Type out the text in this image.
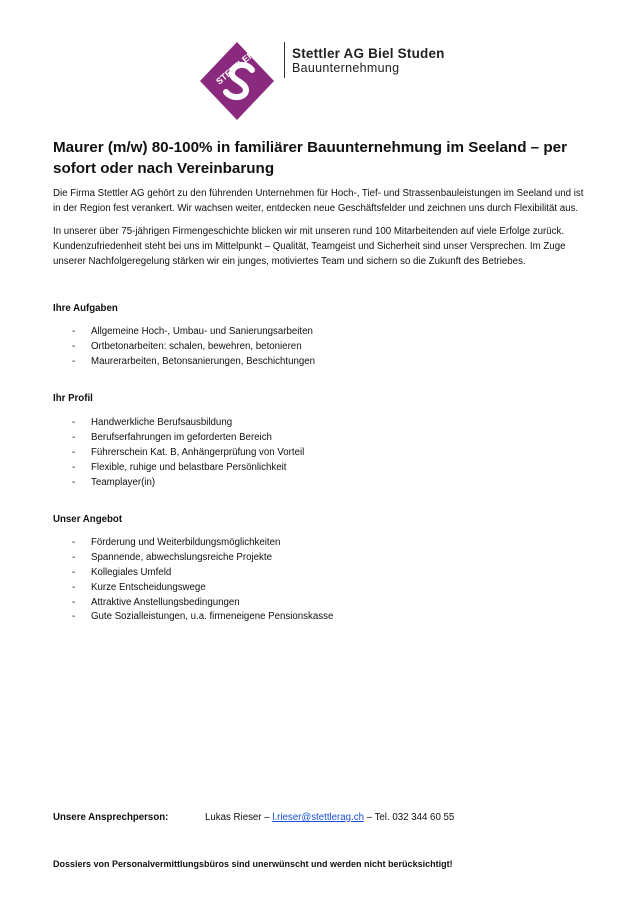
STETTLER	Stettler AG Biel Studen
Bauunternehmung
Maurer (m/w) 80-100% in familiärer Bauunternehmung im Seeland – per sofort oder nach Vereinbarung

Die Firma Stettler AG gehört zu den führenden Unternehmen für Hoch-, Tief- und Strassenbauleistungen im Seeland und ist in der Region fest verankert. Wir wachsen weiter, entdecken neue Geschäftsfelder und zeichnen uns durch Flexibilität aus.

In unserer über 75-jährigen Firmengeschichte blicken wir mit unseren rund 100 Mitarbeitenden auf viele Erfolge zurück. Kundenzufriedenheit steht bei uns im Mittelpunkt – Qualität, Teamgeist und Sicherheit sind unser Versprechen. Im Zuge unserer Nachfolgeregelung stärken wir ein junges, motiviertes Team und sichern so die Zukunft des Betriebes.

Ihre Aufgaben
- Allgemeine Hoch-, Umbau- und Sanierungsarbeiten
- Ortbetonarbeiten: schalen, bewehren, betonieren
- Maurerarbeiten, Betonsanierungen, Beschichtungen
Ihr Profil
- Handwerkliche Berufsausbildung
- Berufserfahrungen im geforderten Bereich
- Führerschein Kat. B, Anhängerprüfung von Vorteil
- Flexible, ruhige und belastbare Persönlichkeit
- Teamplayer(in)
Unser Angebot
- Förderung und Weiterbildungsmöglichkeiten
- Spannende, abwechslungsreiche Projekte
- Kollegiales Umfeld
- Kurze Entscheidungswege
- Attraktive Anstellungsbedingungen
- Gute Sozialleistungen, u.a. firmeneigene Pensionskasse
Unsere Ansprechperson:	Lukas Rieser – l.rieser@stettlerag.ch – Tel. 032 344 60 55

Dossiers von Personalvermittlungsbüros sind unerwünscht und werden nicht berücksichtigt!
